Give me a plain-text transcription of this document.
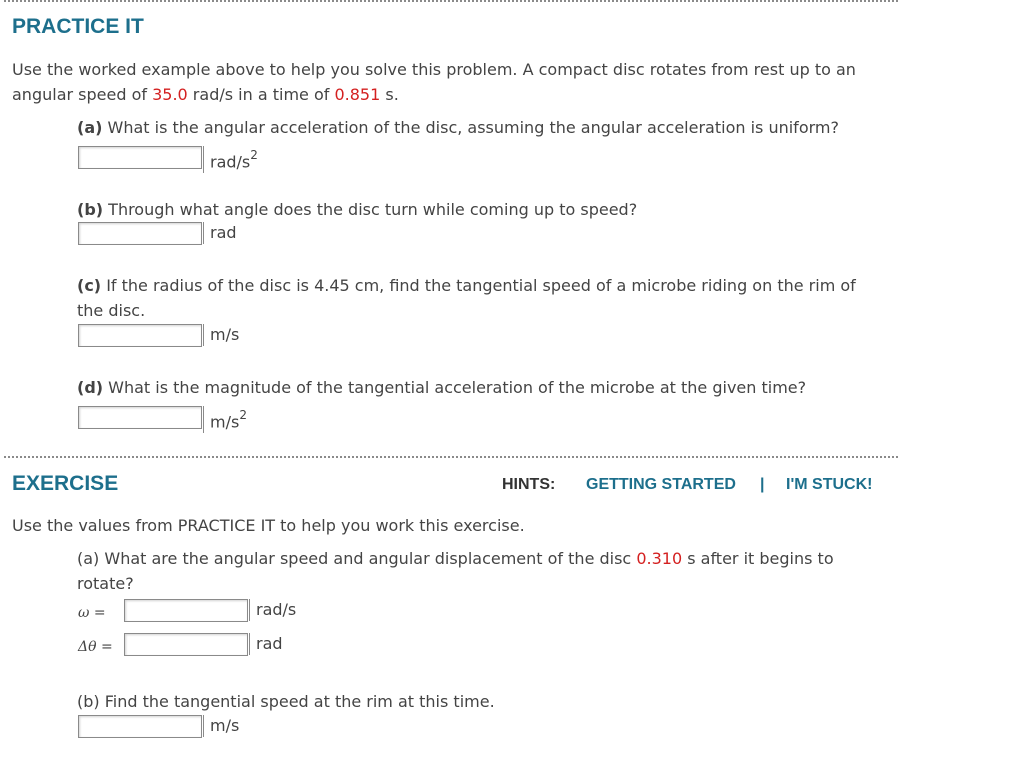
PRACTICE IT
Use the worked example above to help you solve this problem. A compact disc rotates from rest up to an
angular speed of 35.0 rad/s in a time of 0.851 s.
(a) What is the angular acceleration of the disc, assuming the angular acceleration is uniform?
rad/$s^2$
(b) Through what angle does the disc turn while coming up to speed?
rad
(c) If the radius of the disc is 4.45 cm, find the tangential speed of a microbe riding on the rim of
the disc.
m/s
(d) What is the magnitude of the tangential acceleration of the microbe at the given time?
$m/s^2$
EXERCISE	HINTS: GETTING STARTED | I'M STUCK!
Use the values from PRACTICE IT to help you work this exercise.
(a) What are the angular speed and angular displacement of the disc 0.310 s after it begins to
rotate?
ω =	rad/s
Δθ =	rad
(b) Find the tangential speed at the rim at this time.
m/s
